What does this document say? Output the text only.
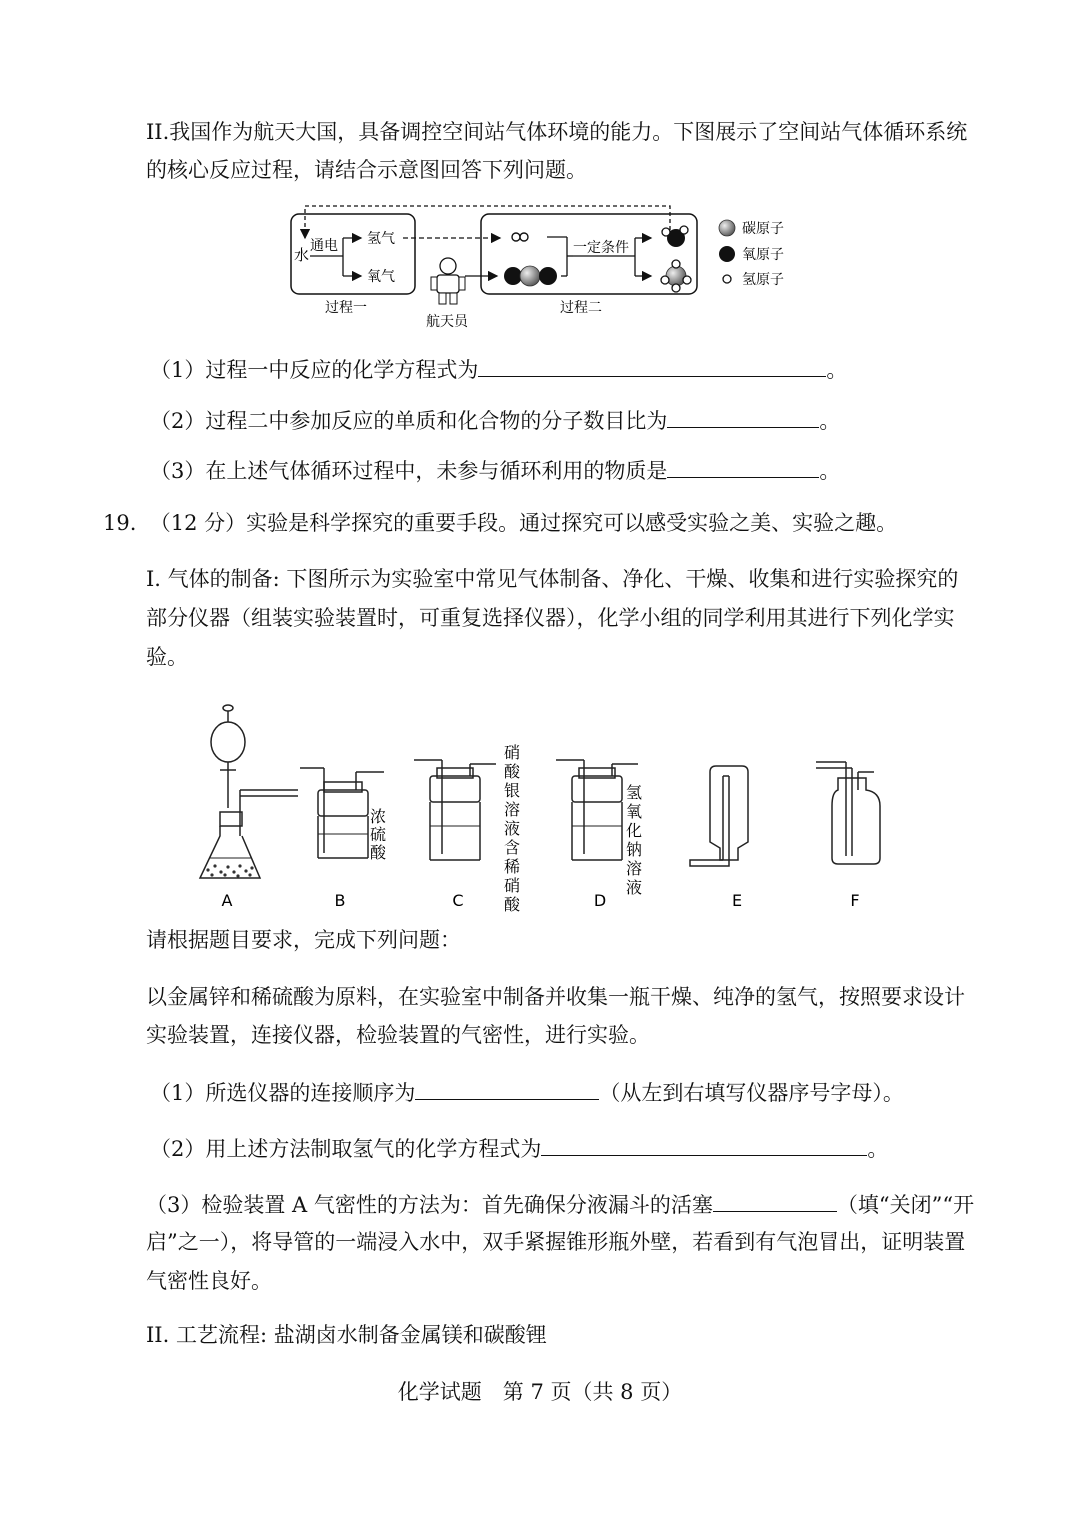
II.我国作为航天大国，具备调控空间站气体环境的能力。下图展示了空间站气体循环系统
的核心反应过程，请结合示意图回答下列问题。
水 通电 氢气
氧气
过程一
航天员
一定条件
过程二
碳原子
氧原子
氢原子
（1）过程一中反应的化学方程式为	。
（2）过程二中参加反应的单质和化合物的分子数目比为	。
（3）在上述气体循环过程中，未参与循环利用的物质是	。
19. （12 分）实验是科学探究的重要手段。通过探究可以感受实验之美、实验之趣。
I. 气体的制备: 下图所示为实验室中常见气体制备、净化、干燥、收集和进行实验探究的
部分仪器（组装实验装置时，可重复选择仪器），化学小组的同学利用其进行下列化学实
验。
A	B
浓
硫
酸
C
硝
酸
银
溶
液
含
稀
硝
酸	D
氢
氧
化
钠
溶
液
E	F
请根据题目要求，完成下列问题：
以金属锌和稀硫酸为原料，在实验室中制备并收集一瓶干燥、纯净的氢气，按照要求设计
实验装置，连接仪器，检验装置的气密性，进行实验。
（1）所选仪器的连接顺序为	（从左到右填写仪器序号字母）。
（2）用上述方法制取氢气的化学方程式为	。
（3）检验装置 A 气密性的方法为：首先确保分液漏斗的活塞	（填“关闭”“开
启”之一），将导管的一端浸入水中，双手紧握锥形瓶外壁，若看到有气泡冒出，证明装置
气密性良好。
II. 工艺流程: 盐湖卤水制备金属镁和碳酸锂
化学试题　第 7 页（共 8 页）
